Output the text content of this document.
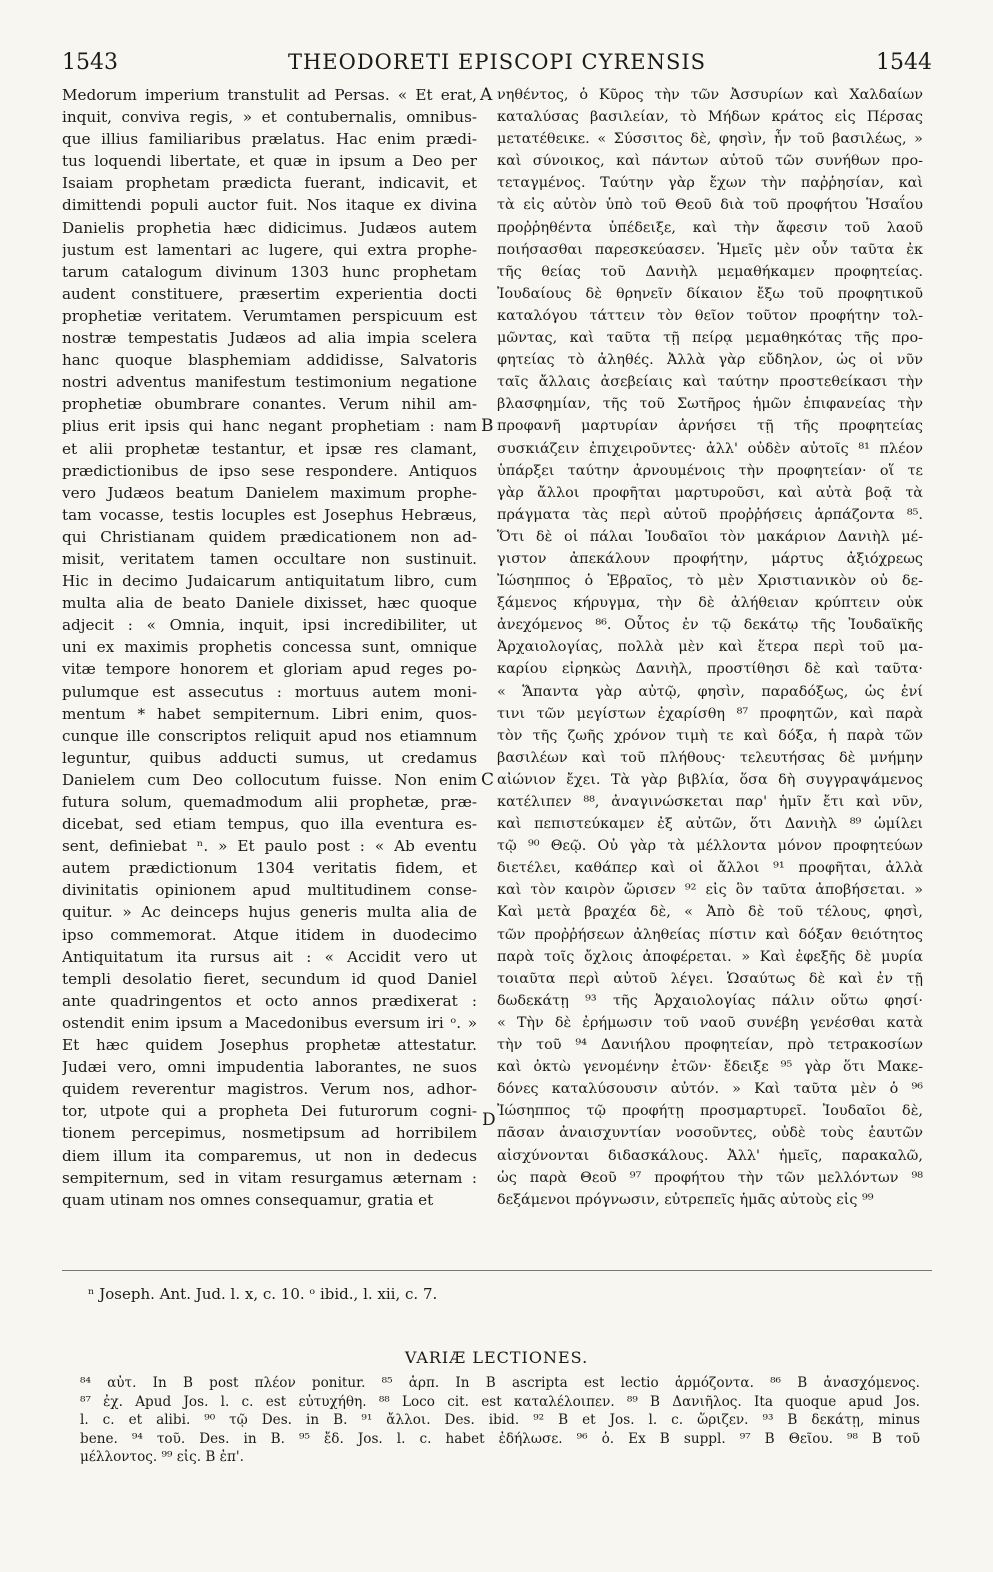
1543	THEODORETI EPISCOPI CYRENSIS	1544
Medorum imperium transtulit ad Persas. « Et erat,
inquit, conviva regis, » et contubernalis, omnibus-
que illius familiaribus prælatus. Hac enim prædi-
tus loquendi libertate, et quæ in ipsum a Deo per
Isaiam prophetam prædicta fuerant, indicavit, et
dimittendi populi auctor fuit. Nos itaque ex divina
Danielis prophetia hæc didicimus. Judæos autem
justum est lamentari ac lugere, qui extra prophe-
tarum catalogum divinum 1303 hunc prophetam
audent constituere, præsertim experientia docti
prophetiæ veritatem. Verumtamen perspicuum est
nostræ tempestatis Judæos ad alia impia scelera
hanc quoque blasphemiam addidisse, Salvatoris
nostri adventus manifestum testimonium negatione
prophetiæ obumbrare conantes. Verum nihil am-
plius erit ipsis qui hanc negant prophetiam : nam
et alii prophetæ testantur, et ipsæ res clamant,
prædictionibus de ipso sese respondere. Antiquos
vero Judæos beatum Danielem maximum prophe-
tam vocasse, testis locuples est Josephus Hebræus,
qui Christianam quidem prædicationem non ad-
misit, veritatem tamen occultare non sustinuit.
Hic in decimo Judaicarum antiquitatum libro, cum
multa alia de beato Daniele dixisset, hæc quoque
adjecit : « Omnia, inquit, ipsi incredibiliter, ut
uni ex maximis prophetis concessa sunt, omnique
vitæ tempore honorem et gloriam apud reges po-
pulumque est assecutus : mortuus autem moni-
mentum * habet sempiternum. Libri enim, quos-
cunque ille conscriptos reliquit apud nos etiamnum
leguntur, quibus adducti sumus, ut credamus
Danielem cum Deo collocutum fuisse. Non enim
futura solum, quemadmodum alii prophetæ, præ-
dicebat, sed etiam tempus, quo illa eventura es-
sent, definiebat ⁿ. » Et paulo post : « Ab eventu
autem prædictionum 1304 veritatis fidem, et
divinitatis opinionem apud multitudinem conse-
quitur. » Ac deinceps hujus generis multa alia de
ipso commemorat. Atque itidem in duodecimo
Antiquitatum ita rursus ait : « Accidit vero ut
templi desolatio fieret, secundum id quod Daniel
ante quadringentos et octo annos prædixerat :
ostendit enim ipsum a Macedonibus eversum iri ᵒ. »
Et hæc quidem Josephus prophetæ attestatur.
Judæi vero, omni impudentia laborantes, ne suos
quidem reverentur magistros. Verum nos, adhor-
tor, utpote qui a propheta Dei futurorum cogni-
tionem percepimus, nosmetipsum ad horribilem
diem illum ita comparemus, ut non in dedecus
sempiternum, sed in vitam resurgamus æternam :
quam utinam nos omnes consequamur, gratia et
νηθέντος, ὁ Κῦρος τὴν τῶν Ἀσσυρίων καὶ Χαλδαίων
καταλύσας βασιλείαν, τὸ Μήδων κράτος εἰς Πέρσας
μετατέθεικε. « Σύσσιτος δὲ, φησὶν, ἦν τοῦ βασιλέως, »
καὶ σύνοικος, καὶ πάντων αὐτοῦ τῶν συνήθων προ-
τεταγμένος. Ταύτην γὰρ ἔχων τὴν παῤῥησίαν, καὶ
τὰ εἰς αὐτὸν ὑπὸ τοῦ Θεοῦ διὰ τοῦ προφήτου Ἡσαΐου
προῤῥηθέντα ὑπέδειξε, καὶ τὴν ἄφεσιν τοῦ λαοῦ
ποιήσασθαι παρεσκεύασεν. Ἡμεῖς μὲν οὖν ταῦτα ἐκ
τῆς θείας τοῦ Δανιὴλ μεμαθήκαμεν προφητείας.
Ἰουδαίους δὲ θρηνεῖν δίκαιον ἔξω τοῦ προφητικοῦ
καταλόγου τάττειν τὸν θεῖον τοῦτον προφήτην τολ-
μῶντας, καὶ ταῦτα τῇ πείρᾳ μεμαθηκότας τῆς προ-
φητείας τὸ ἀληθές. Ἀλλὰ γὰρ εὔδηλον, ὡς οἱ νῦν
ταῖς ἄλλαις ἀσεβείαις καὶ ταύτην προστεθείκασι τὴν
βλασφημίαν, τῆς τοῦ Σωτῆρος ἡμῶν ἐπιφανείας τὴν
προφανῆ μαρτυρίαν ἀρνήσει τῇ τῆς προφητείας
συσκιάζειν ἐπιχειροῦντες· ἀλλ' οὐδὲν αὐτοῖς ⁸¹ πλέον
ὑπάρξει ταύτην ἀρνουμένοις τὴν προφητείαν· οἵ τε
γὰρ ἄλλοι προφῆται μαρτυροῦσι, καὶ αὐτὰ βοᾷ τὰ
πράγματα τὰς περὶ αὐτοῦ προῤῥήσεις ἁρπάζοντα ⁸⁵.
Ὅτι δὲ οἱ πάλαι Ἰουδαῖοι τὸν μακάριον Δανιὴλ μέ-
γιστον ἀπεκάλουν προφήτην, μάρτυς ἀξιόχρεως
Ἰώσηππος ὁ Ἑβραῖος, τὸ μὲν Χριστιανικὸν οὐ δε-
ξάμενος κήρυγμα, τὴν δὲ ἀλήθειαν κρύπτειν οὐκ
ἀνεχόμενος ⁸⁶. Οὗτος ἐν τῷ δεκάτῳ τῆς Ἰουδαϊκῆς
Ἀρχαιολογίας, πολλὰ μὲν καὶ ἕτερα περὶ τοῦ μα-
καρίου εἰρηκὼς Δανιὴλ, προστίθησι δὲ καὶ ταῦτα·
« Ἅπαντα γὰρ αὐτῷ, φησὶν, παραδόξως, ὡς ἑνί
τινι τῶν μεγίστων ἐχαρίσθη ⁸⁷ προφητῶν, καὶ παρὰ
τὸν τῆς ζωῆς χρόνον τιμὴ τε καὶ δόξα, ἡ παρὰ τῶν
βασιλέων καὶ τοῦ πλήθους· τελευτήσας δὲ μνήμην
αἰώνιον ἔχει. Τὰ γὰρ βιβλία, ὅσα δὴ συγγραψάμενος
κατέλιπεν ⁸⁸, ἀναγινώσκεται παρ' ἡμῖν ἔτι καὶ νῦν,
καὶ πεπιστεύκαμεν ἐξ αὐτῶν, ὅτι Δανιὴλ ⁸⁹ ὡμίλει
τῷ ⁹⁰ Θεῷ. Οὐ γὰρ τὰ μέλλοντα μόνον προφητεύων
διετέλει, καθάπερ καὶ οἱ ἄλλοι ⁹¹ προφῆται, ἀλλὰ
καὶ τὸν καιρὸν ὥρισεν ⁹² εἰς ὃν ταῦτα ἀποβήσεται. »
Καὶ μετὰ βραχέα δὲ, « Ἀπὸ δὲ τοῦ τέλους, φησὶ,
τῶν προῤῥήσεων ἀληθείας πίστιν καὶ δόξαν θειότητος
παρὰ τοῖς ὄχλοις ἀποφέρεται. » Καὶ ἐφεξῆς δὲ μυρία
τοιαῦτα περὶ αὐτοῦ λέγει. Ὡσαύτως δὲ καὶ ἐν τῇ
δωδεκάτῃ ⁹³ τῆς Ἀρχαιολογίας πάλιν οὕτω φησί·
« Τὴν δὲ ἐρήμωσιν τοῦ ναοῦ συνέβη γενέσθαι κατὰ
τὴν τοῦ ⁹⁴ Δανιήλου προφητείαν, πρὸ τετρακοσίων
καὶ ὀκτὼ γενομένην ἐτῶν· ἔδειξε ⁹⁵ γὰρ ὅτι Μακε-
δόνες καταλύσουσιν αὐτόν. » Καὶ ταῦτα μὲν ὁ ⁹⁶
Ἰώσηππος τῷ προφήτῃ προσμαρτυρεῖ. Ἰουδαῖοι δὲ,
πᾶσαν ἀναισχυντίαν νοσοῦντες, οὐδὲ τοὺς ἑαυτῶν
αἰσχύνονται διδασκάλους. Ἀλλ' ἡμεῖς, παρακαλῶ,
ὡς παρὰ Θεοῦ ⁹⁷ προφήτου τὴν τῶν μελλόντων ⁹⁸
δεξάμενοι πρόγνωσιν, εὐτρεπεῖς ἡμᾶς αὐτοὺς εἰς ⁹⁹
A
B
C
D
ⁿ Joseph. Ant. Jud. l. x, c. 10. ᵒ ibid., l. xii, c. 7.
VARIÆ LECTIONES.
⁸⁴ αὐτ. In B post πλέον ponitur. ⁸⁵ ἁρπ. In B ascripta est lectio ἁρμόζοντα. ⁸⁶ B ἀνασχόμενος.
⁸⁷ ἐχ. Apud Jos. l. c. est εὐτυχήθη. ⁸⁸ Loco cit. est καταλέλοιπεν. ⁸⁹ B Δανιῆλος. Ita quoque apud Jos.
l. c. et alibi. ⁹⁰ τῷ Des. in B. ⁹¹ ἄλλοι. Des. ibid. ⁹² B et Jos. l. c. ὥριζεν. ⁹³ B δεκάτῃ, minus
bene. ⁹⁴ τοῦ. Des. in B. ⁹⁵ ἔδ. Jos. l. c. habet ἐδήλωσε. ⁹⁶ ὁ. Ex B suppl. ⁹⁷ B Θεῖου. ⁹⁸ B τοῦ
μέλλοντος. ⁹⁹ εἰς. B ἐπ'.
